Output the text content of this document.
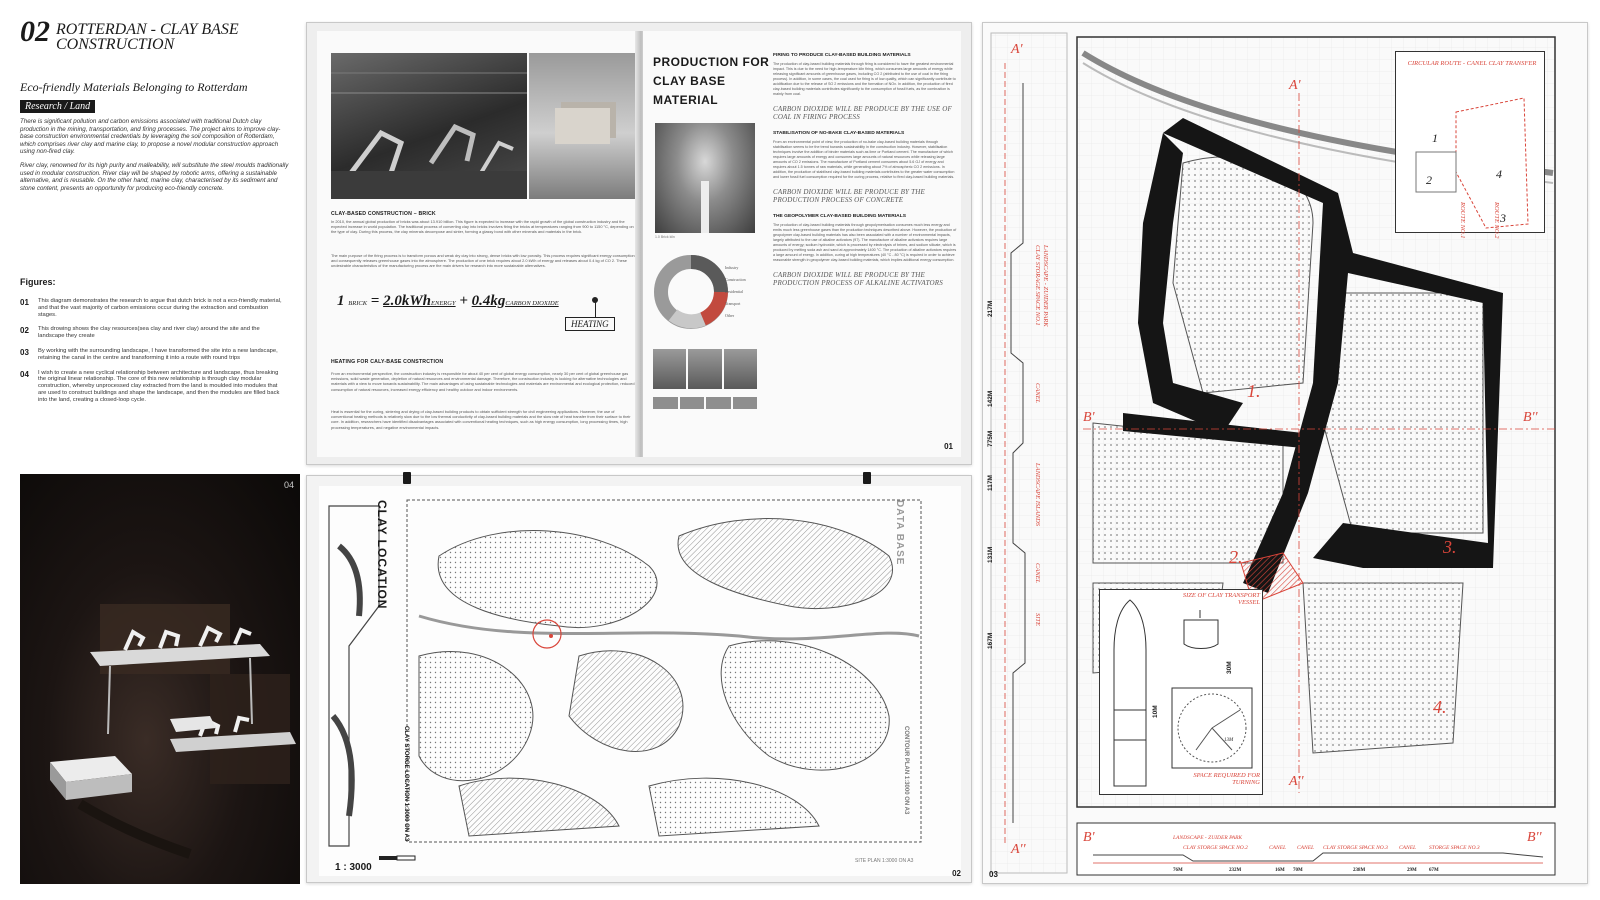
02 ROTTERDAN - CLAY BASE CONSTRUCTION
Eco-friendly Materials Belonging to Rotterdam
Research / Land

There is significant pollution and carbon emissions associated with traditional Dutch clay production in the mining, transportation, and firing processes. The project aims to improve clay-base construction environmental credentials by leveraging the soil composition of Rotterdam, which comprises river clay and marine clay, to propose a novel modular construction approach using non-fired clay.

River clay, renowned for its high purity and malleability, will substitute the steel moulds traditionally used in modular construction. River clay will be shaped by robotic arms, offering a sustainable alternative, and is reusable. On the other hand, marine clay, characterised by its sediment and stone content, presents an opportunity for producing eco-friendly concrete.

Figures:
01	This diagram demonstrates the research to argue that dutch brick is not a eco-friendly material, and that the vast majority of carbon emissions occur during the extraction and combustion stages.
02	This drowing shows the clay resources(sea clay and river clay) around the site and the landscape they create
03	By working with the surrounding landscape, I have transformed the site into a new landscape, retaining the canal in the centre and transforming it into a route with round trips
04	I wish to create a new cyclical relationship between architecture and landscape, thus breaking the original linear relationship. The core of this new relationship is through clay modular construction, whereby unprocessed clay extracted from the land is moulded into modules that are used to construct buildings and shape the landscape, and then the modules are filled back into the land, creating a closed-loop cycle.
04
CLAY-BASED CONSTRUCTION – BRICK
In 2010, the annual global production of bricks was about 13.910 billion. This figure is expected to increase with the rapid growth of the global construction industry and the expected increase in world population. The traditional process of converting clay into bricks involves firing the bricks at temperatures ranging from 900 to 1150 °C, depending on the type of clay. During this process, the clay minerals decompose and sinter, forming a glassy bond with other minerals and materials in the brick.
The main purpose of the firing process is to transform porous and weak dry clay into strong, dense bricks with low porosity. This process requires significant energy consumption and consequently releases greenhouse gases into the atmosphere. The production of one brick requires about 2.0 kWh of energy and releases about 0.4 kg of CO 2. These undesirable characteristics of the manufacturing process are the main drivers for research into more sustainable alternatives.
1 BRICK = 2.0kWhENERGY + 0.4kgCARBON DIOXIDE
HEATING
HEATING FOR CALY-BASE CONSTRCTION
From an environmental perspective, the construction industry is responsible for about 40 per cent of global energy consumption, nearly 30 per cent of global greenhouse gas emissions, solid waste generation, depletion of natural resources and environmental damage. Therefore, the construction industry is looking for alternative technologies and materials with a view to move towards sustainability. The main advantages of using sustainable technologies and materials are environmental and ecological protection, reduced consumption of natural resources, increased energy efficiency and healthy outdoor and indoor environments.
Heat is essential for the curing, sintering and drying of clay-based building products to obtain sufficient strength for civil engineering applications. However, the use of conventional heating methods is relatively slow due to the low thermal conductivity of clay-based building materials and the slow rate of heat transfer from their surface to their core. In addition, researchers have identified disadvantages associated with conventional heating techniques, such as high energy consumption, long processing times, high processing temperatures, and negative environmental impacts.
PRODUCTION FOR CLAY BASE MATERIAL
1.0 Brick kiln
Industry
Construction
Residential
Transport
Other
FIRING TO PRODUCE CLAY-BASED BUILDING MATERIALS
The production of clay-based building materials through firing is considered to have the greatest environmental impact. This is due to the need for high-temperature kiln firing, which consumes large amounts of energy while releasing significant amounts of greenhouse gases, including CO 2 (attributed to the use of coal in the firing process). In addition, in some cases, the coal used for firing is of low quality, which can significantly contribute to acidification due to the release of SO 2 emissions and the formation of NOx. In addition, the production of fired clay-based building materials contributes significantly to the consumption of fossil fuels, as the combustion is mainly from coal.
CARBON DIOXIDE WILL BE PRODUCE BY THE USE OF COAL IN FIRING PROCESS
STABILISATION OF NO-BAKE CLAY-BASED MATERIALS
From an environmental point of view, the production of no-bake clay-based building materials through stabilisation seems to be the trend towards sustainability in the construction industry. However, stabilisation techniques involve the addition of binder materials such as lime or Portland cement. The manufacture of which requires large amounts of energy and consumes large amounts of natural resources while releasing large amounts of CO 2 emissions. The manufacture of Portland cement consumes about 5.6 GJ of energy and requires about 1.5 tonnes of raw materials, while generating about 7% of atmospheric CO 2 emissions. In addition, the production of stabilised clay-based building materials contributes to the greater water consumption and lower fossil fuel consumption required for the curing process, relative to fired clay-based building materials.
CARBON DIOXIDE WILL BE PRODUCE BY THE PRODUCTION PROCESS OF CONCRETE
THE GEOPOLYMER CLAY-BASED BUILDING MATERIALS
The production of clay-based building materials through geopolymerisation consumes much less energy and emits much less greenhouse gases than the production techniques described above. However, the production of geopolymer clay-based building materials has also been associated with a number of environmental impacts, largely attributed to the use of alkaline activators (97). The manufacture of alkaline activators requires large amounts of energy; sodium hydroxide, which is processed by electrolysis of brines, and sodium silicate, which is produced by melting soda ash and sand at approximately 1400 °C. The production of alkaline activators requires a large amount of energy. In addition, curing at high temperatures (40 °C - 80 °C) is required in order to achieve reasonable strength in geopolymer clay-based building materials, which implies additional energy consumption.
CARBON DIOXIDE WILL BE PRODUCE BY THE PRODUCTION PROCESS OF ALKALINE ACTIVATORS
01
CLAY LOCATION	DATA BASE
CLAY STORGE LOCATION 1:3000 ON A3	CONTOUR PLAN 1:3000 ON A3
1 : 3000
SITE PLAN 1:3000 ON A3
02
1.
2.	3.
4.
A'
A''
A'
A''
B'	B''
B'	B''
LANDSCAPE - ZUIDER PARK
CLAY STORGE SPACE NO.2	CANEL CANEL CLAY STORGE SPACE NO.3 CANEL STORGE SPACE NO.3
76M	232M	16M 70M	238M	29M 67M
217M
142M
775M
117M
131M
167M
LANDSCAPE - ZUIDER PARK
CLAY STORAGE SPACE NO.1
CANEL
LANDSCAPE ISLANDS
CANEL
SITE
1
2
3
4
CIRCULAR ROUTE - CANEL CLAY TRANSFER
ROUTE NO.1	ROUTE NO.2
SIZE OF CLAY TRANSPORT VESSEL
30M
10M
13M
SPACE REQUIRED FOR TURNING
03
